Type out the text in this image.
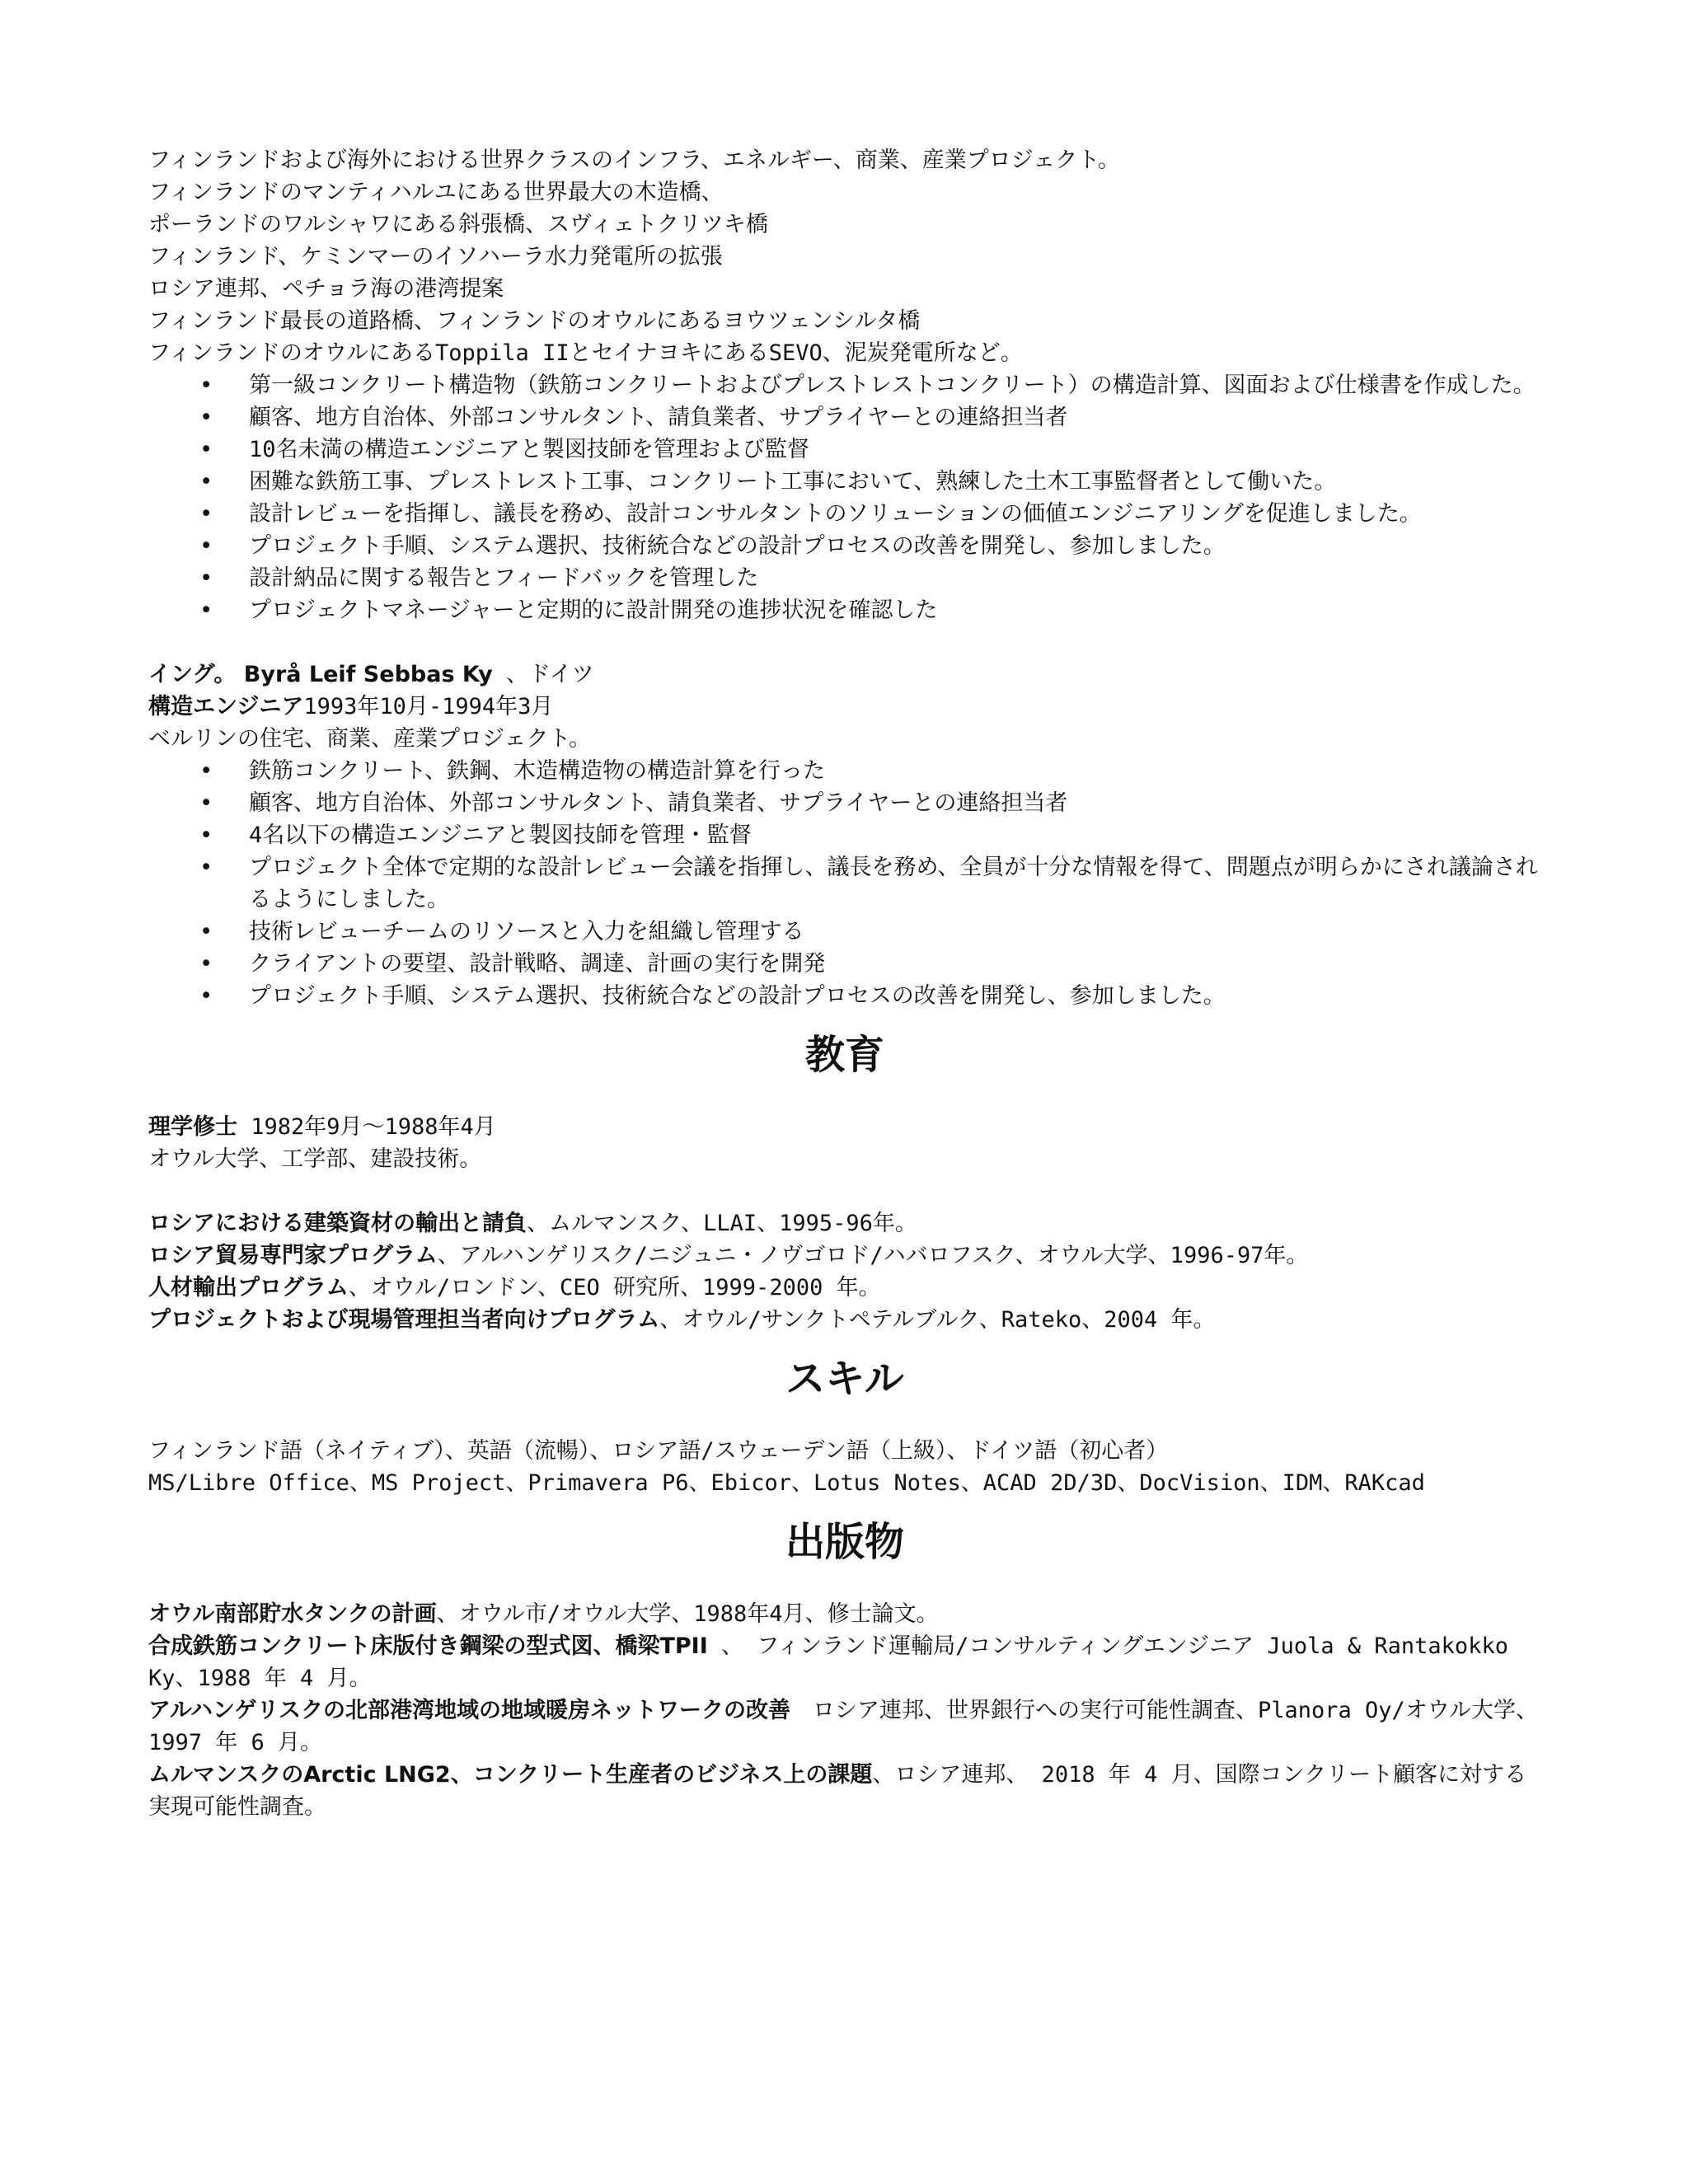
フィンランドおよび海外における世界クラスのインフラ、エネルギー、商業、産業プロジェクト。
フィンランドのマンティハルユにある世界最大の木造橋、
ポーランドのワルシャワにある斜張橋、スヴィェトクリツキ橋
フィンランド、ケミンマーのイソハーラ水力発電所の拡張
ロシア連邦、ペチョラ海の港湾提案
フィンランド最長の道路橋、フィンランドのオウルにあるヨウツェンシルタ橋
フィンランドのオウルにあるToppila IIとセイナヨキにあるSEVO、泥炭発電所など。
• 第一級コンクリート構造物（鉄筋コンクリートおよびプレストレストコンクリート）の構造計算、図面および仕様書を作成した。
• 顧客、地方自治体、外部コンサルタント、請負業者、サプライヤーとの連絡担当者
• 10名未満の構造エンジニアと製図技師を管理および監督
• 困難な鉄筋工事、プレストレスト工事、コンクリート工事において、熟練した土木工事監督者として働いた。
• 設計レビューを指揮し、議長を務め、設計コンサルタントのソリューションの価値エンジニアリングを促進しました。
• プロジェクト手順、システム選択、技術統合などの設計プロセスの改善を開発し、参加しました。
• 設計納品に関する報告とフィードバックを管理した
• プロジェクトマネージャーと定期的に設計開発の進捗状況を確認した
イング。 Byrå Leif Sebbas Ky 、ドイツ
構造エンジニア1993年10月-1994年3月
ベルリンの住宅、商業、産業プロジェクト。
• 鉄筋コンクリート、鉄鋼、木造構造物の構造計算を行った
• 顧客、地方自治体、外部コンサルタント、請負業者、サプライヤーとの連絡担当者
• 4名以下の構造エンジニアと製図技師を管理・監督
• プロジェクト全体で定期的な設計レビュー会議を指揮し、議長を務め、全員が十分な情報を得て、問題点が明らかにされ議論されるようにしました。
• 技術レビューチームのリソースと入力を組織し管理する
• クライアントの要望、設計戦略、調達、計画の実行を開発
• プロジェクト手順、システム選択、技術統合などの設計プロセスの改善を開発し、参加しました。
教育
理学修士 1982年9月～1988年4月
オウル大学、工学部、建設技術。
ロシアにおける建築資材の輸出と請負、ムルマンスク、LLAI、1995-96年。
ロシア貿易専門家プログラム、アルハンゲリスク/ニジュニ・ノヴゴロド/ハバロフスク、オウル大学、1996-97年。
人材輸出プログラム、オウル/ロンドン、CEO 研究所、1999-2000 年。
プロジェクトおよび現場管理担当者向けプログラム、オウル/サンクトペテルブルク、Rateko、2004 年。
スキル
フィンランド語（ネイティブ）、英語（流暢）、ロシア語/スウェーデン語（上級）、ドイツ語（初心者）
MS/Libre Office、MS Project、Primavera P6、Ebicor、Lotus Notes、ACAD 2D/3D、DocVision、IDM、RAKcad
出版物
オウル南部貯水タンクの計画、オウル市/オウル大学、1988年4月、修士論文。
合成鉄筋コンクリート床版付き鋼梁の型式図、橋梁TPII 、 フィンランド運輸局/コンサルティングエンジニア Juola & Rantakokko Ky、1988 年 4 月。
アルハンゲリスクの北部港湾地域の地域暖房ネットワークの改善　ロシア連邦、世界銀行への実行可能性調査、Planora Oy/オウル大学、1997 年 6 月。
ムルマンスクのArctic LNG2、コンクリート生産者のビジネス上の課題、ロシア連邦、 2018 年 4 月、国際コンクリート顧客に対する実現可能性調査。
